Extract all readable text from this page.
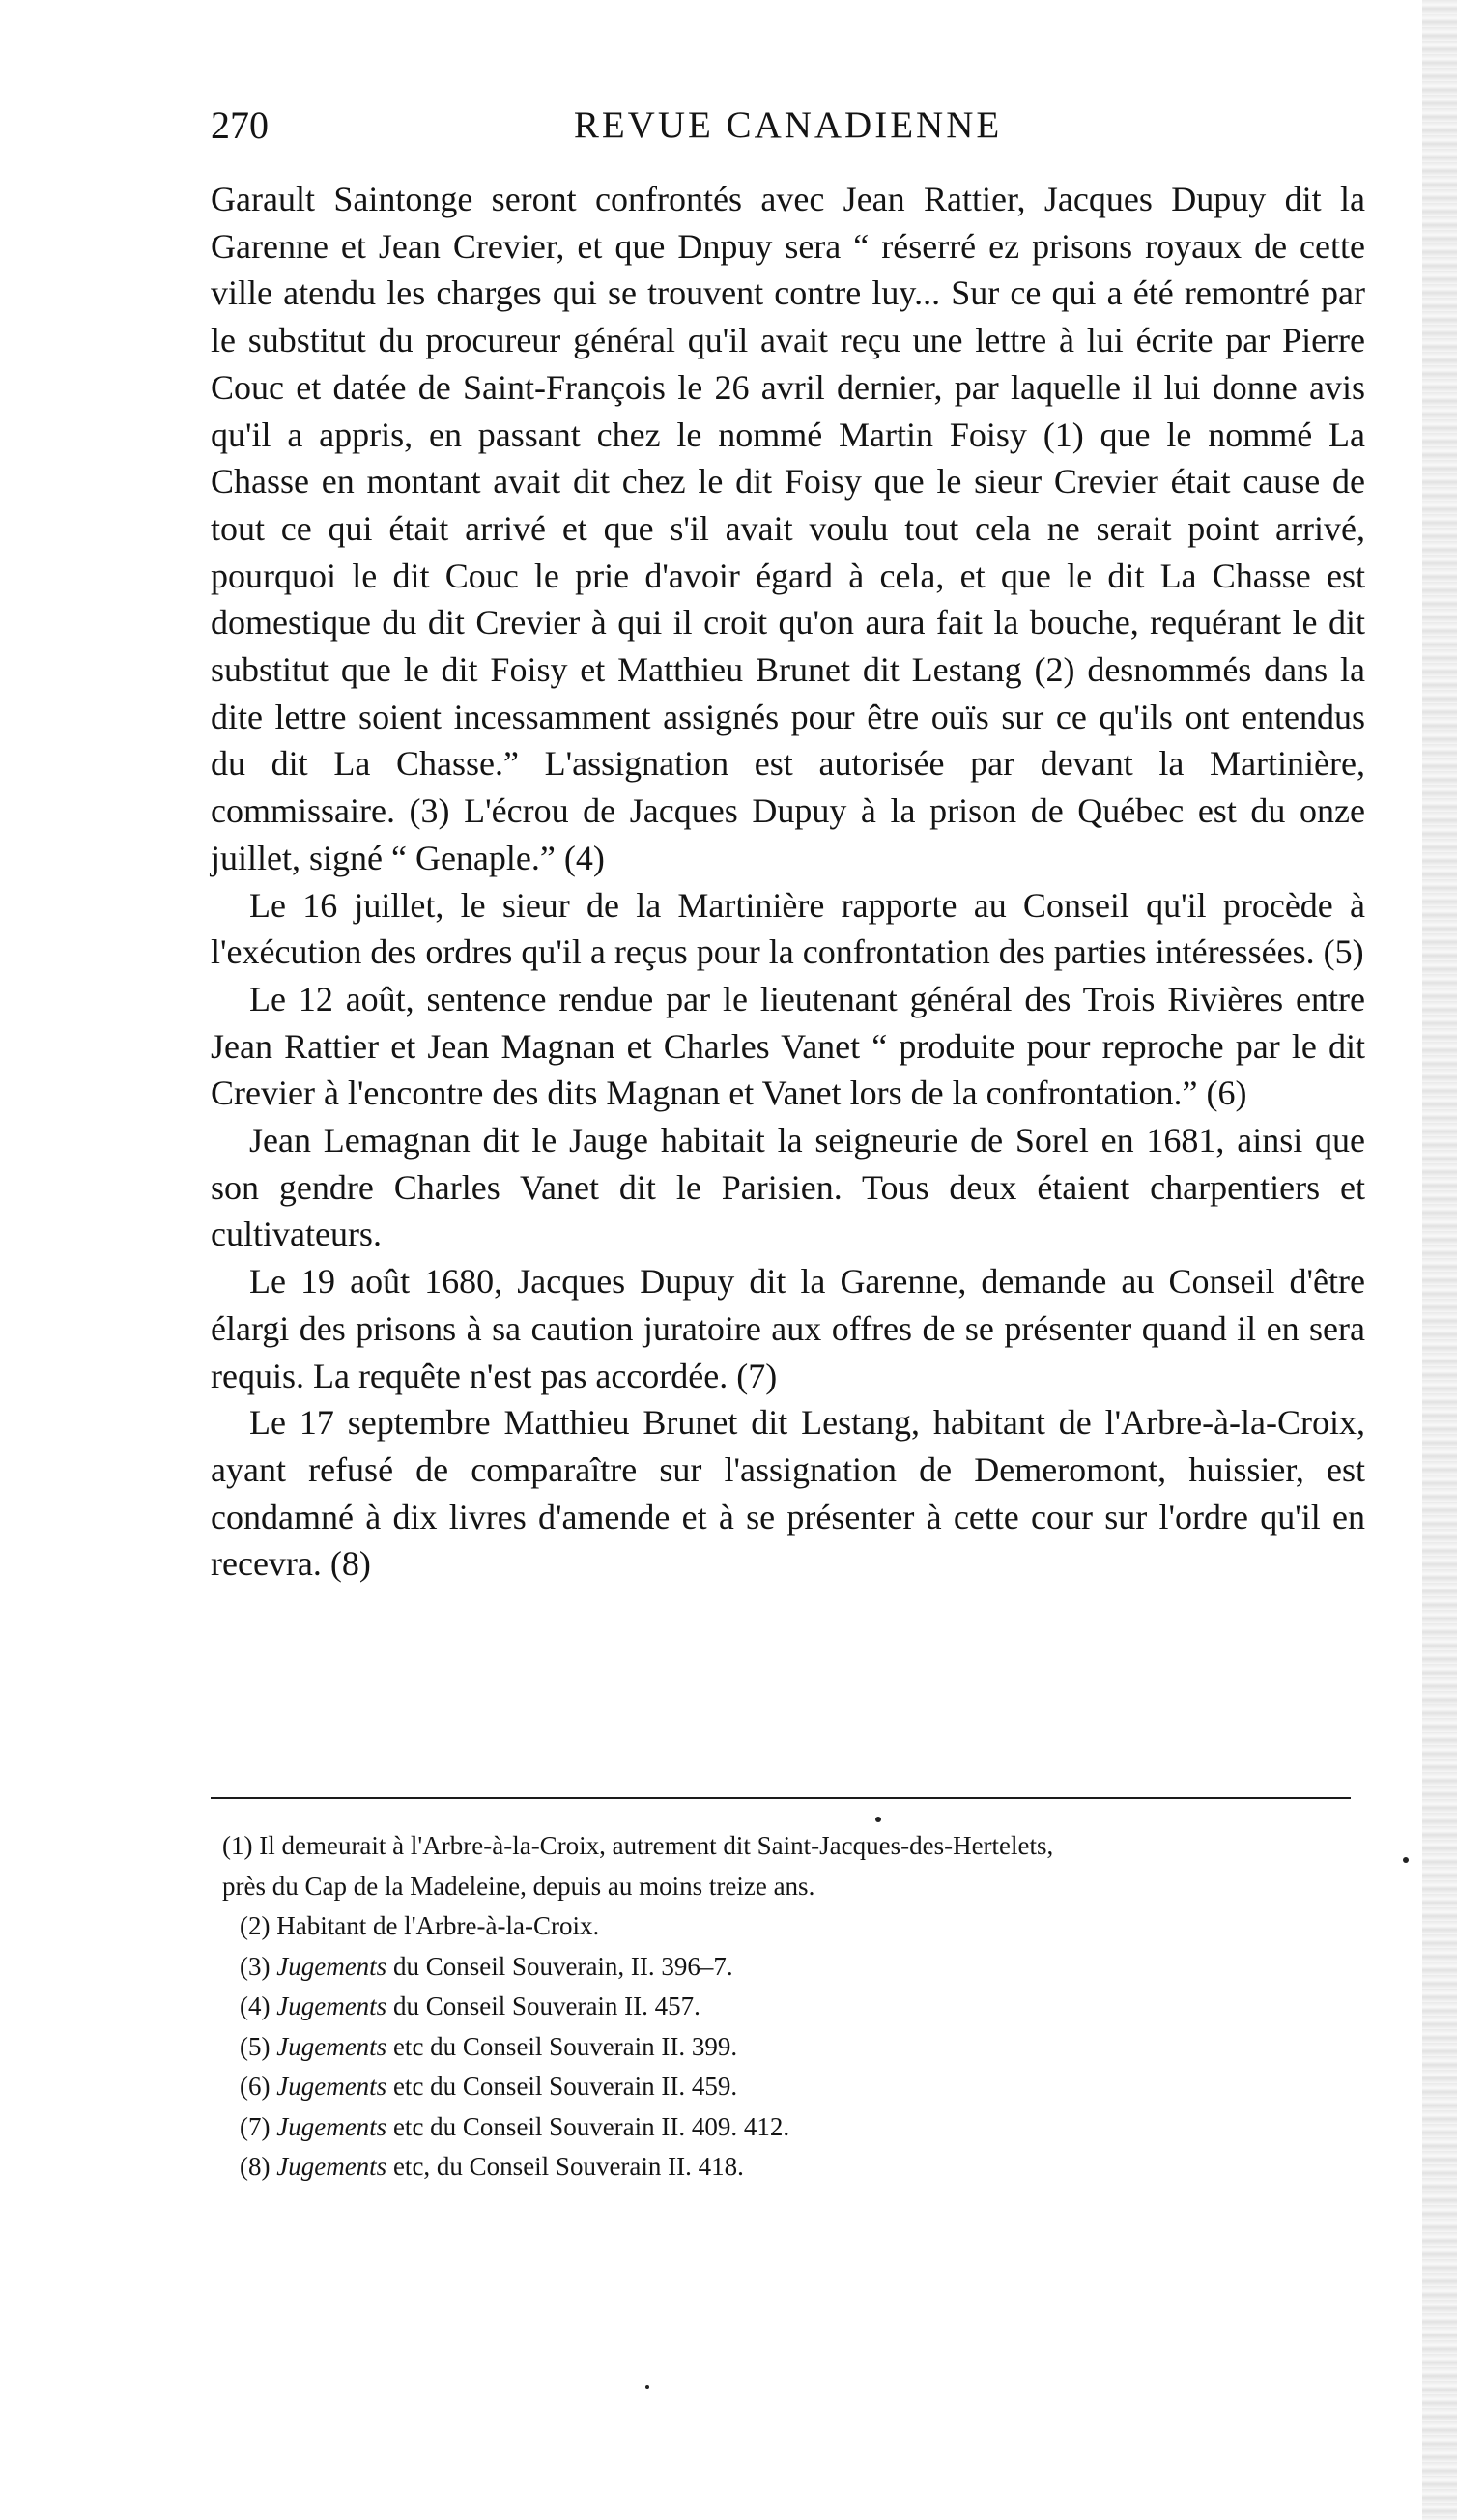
270	REVUE CANADIENNE

Garault Saintonge seront confrontés avec Jean Rattier, Jacques Dupuy dit la Garenne et Jean Crevier, et que Dnpuy sera “ réserré ez prisons royaux de cette ville atendu les charges qui se trouvent contre luy... Sur ce qui a été remontré par le substitut du procureur général qu'il avait reçu une lettre à lui écrite par Pierre Couc et datée de Saint-François le 26 avril dernier, par laquelle il lui donne avis qu'il a appris, en passant chez le nommé Martin Foisy (1) que le nommé La Chasse en montant avait dit chez le dit Foisy que le sieur Crevier était cause de tout ce qui était arrivé et que s'il avait voulu tout cela ne serait point arrivé, pourquoi le dit Couc le prie d'avoir égard à cela, et que le dit La Chasse est domestique du dit Crevier à qui il croit qu'on aura fait la bouche, requérant le dit substitut que le dit Foisy et Matthieu Brunet dit Lestang (2) desnommés dans la dite lettre soient incessamment assignés pour être ouïs sur ce qu'ils ont entendus du dit La Chasse.” L'assignation est autorisée par devant la Martinière, commissaire. (3) L'écrou de Jacques Dupuy à la prison de Québec est du onze juillet, signé “ Genaple.” (4)

Le 16 juillet, le sieur de la Martinière rapporte au Conseil qu'il procède à l'exécution des ordres qu'il a reçus pour la confrontation des parties intéressées. (5)

Le 12 août, sentence rendue par le lieutenant général des Trois Rivières entre Jean Rattier et Jean Magnan et Charles Vanet “ produite pour reproche par le dit Crevier à l'encontre des dits Magnan et Vanet lors de la confrontation.” (6)

Jean Lemagnan dit le Jauge habitait la seigneurie de Sorel en 1681, ainsi que son gendre Charles Vanet dit le Parisien. Tous deux étaient charpentiers et cultivateurs.

Le 19 août 1680, Jacques Dupuy dit la Garenne, demande au Conseil d'être élargi des prisons à sa caution juratoire aux offres de se présenter quand il en sera requis. La requête n'est pas accordée. (7)

Le 17 septembre Matthieu Brunet dit Lestang, habitant de l'Arbre-à-la-Croix, ayant refusé de comparaître sur l'assignation de Demeromont, huissier, est condamné à dix livres d'amende et à se présenter à cette cour sur l'ordre qu'il en recevra. (8)

(1) Il demeurait à l'Arbre-à-la-Croix, autrement dit Saint-Jacques-des-Hertelets,
près du Cap de la Madeleine, depuis au moins treize ans.

(2) Habitant de l'Arbre-à-la-Croix.

(3) Jugements du Conseil Souverain, II. 396–7.

(4) Jugements du Conseil Souverain II. 457.

(5) Jugements etc du Conseil Souverain II. 399.

(6) Jugements etc du Conseil Souverain II. 459.

(7) Jugements etc du Conseil Souverain II. 409. 412.

(8) Jugements etc, du Conseil Souverain II. 418.
